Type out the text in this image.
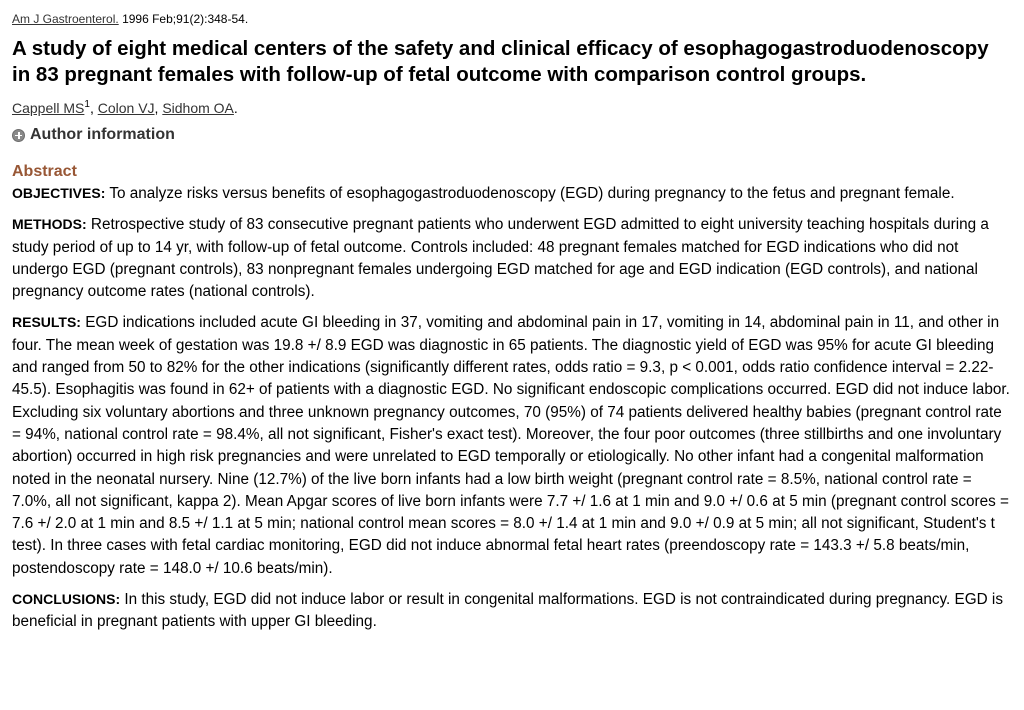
Am J Gastroenterol. 1996 Feb;91(2):348-54.

A study of eight medical centers of the safety and clinical efficacy of esophagogastroduodenoscopy in 83 pregnant females with follow-up of fetal outcome with comparison control groups.

Cappell $MS^1$, Colon VJ, Sidhom OA.

Author information
Abstract

OBJECTIVES: To analyze risks versus benefits of esophagogastroduodenoscopy (EGD) during pregnancy to the fetus and pregnant female.

METHODS: Retrospective study of 83 consecutive pregnant patients who underwent EGD admitted to eight university teaching hospitals during a study period of up to 14 yr, with follow-up of fetal outcome. Controls included: 48 pregnant females matched for EGD indications who did not undergo EGD (pregnant controls), 83 nonpregnant females undergoing EGD matched for age and EGD indication (EGD controls), and national pregnancy outcome rates (national controls).

RESULTS: EGD indications included acute GI bleeding in 37, vomiting and abdominal pain in 17, vomiting in 14, abdominal pain in 11, and other in four. The mean week of gestation was 19.8 +/ 8.9 EGD was diagnostic in 65 patients. The diagnostic yield of EGD was 95% for acute GI bleeding and ranged from 50 to 82% for the other indications (significantly different rates, odds ratio = 9.3, p < 0.001, odds ratio confidence interval = 2.22-45.5). Esophagitis was found in 62+ of patients with a diagnostic EGD. No significant endoscopic complications occurred. EGD did not induce labor. Excluding six voluntary abortions and three unknown pregnancy outcomes, 70 (95%) of 74 patients delivered healthy babies (pregnant control rate = 94%, national control rate = 98.4%, all not significant, Fisher's exact test). Moreover, the four poor outcomes (three stillbirths and one involuntary abortion) occurred in high risk pregnancies and were unrelated to EGD temporally or etiologically. No other infant had a congenital malformation noted in the neonatal nursery. Nine (12.7%) of the live born infants had a low birth weight (pregnant control rate = 8.5%, national control rate = 7.0%, all not significant, kappa 2). Mean Apgar scores of live born infants were 7.7 +/ 1.6 at 1 min and 9.0 +/ 0.6 at 5 min (pregnant control scores = 7.6 +/ 2.0 at 1 min and 8.5 +/ 1.1 at 5 min; national control mean scores = 8.0 +/ 1.4 at 1 min and 9.0 +/ 0.9 at 5 min; all not significant, Student's t test). In three cases with fetal cardiac monitoring, EGD did not induce abnormal fetal heart rates (preendoscopy rate = 143.3 +/ 5.8 beats/min, postendoscopy rate = 148.0 +/ 10.6 beats/min).

CONCLUSIONS: In this study, EGD did not induce labor or result in congenital malformations. EGD is not contraindicated during pregnancy. EGD is beneficial in pregnant patients with upper GI bleeding.
